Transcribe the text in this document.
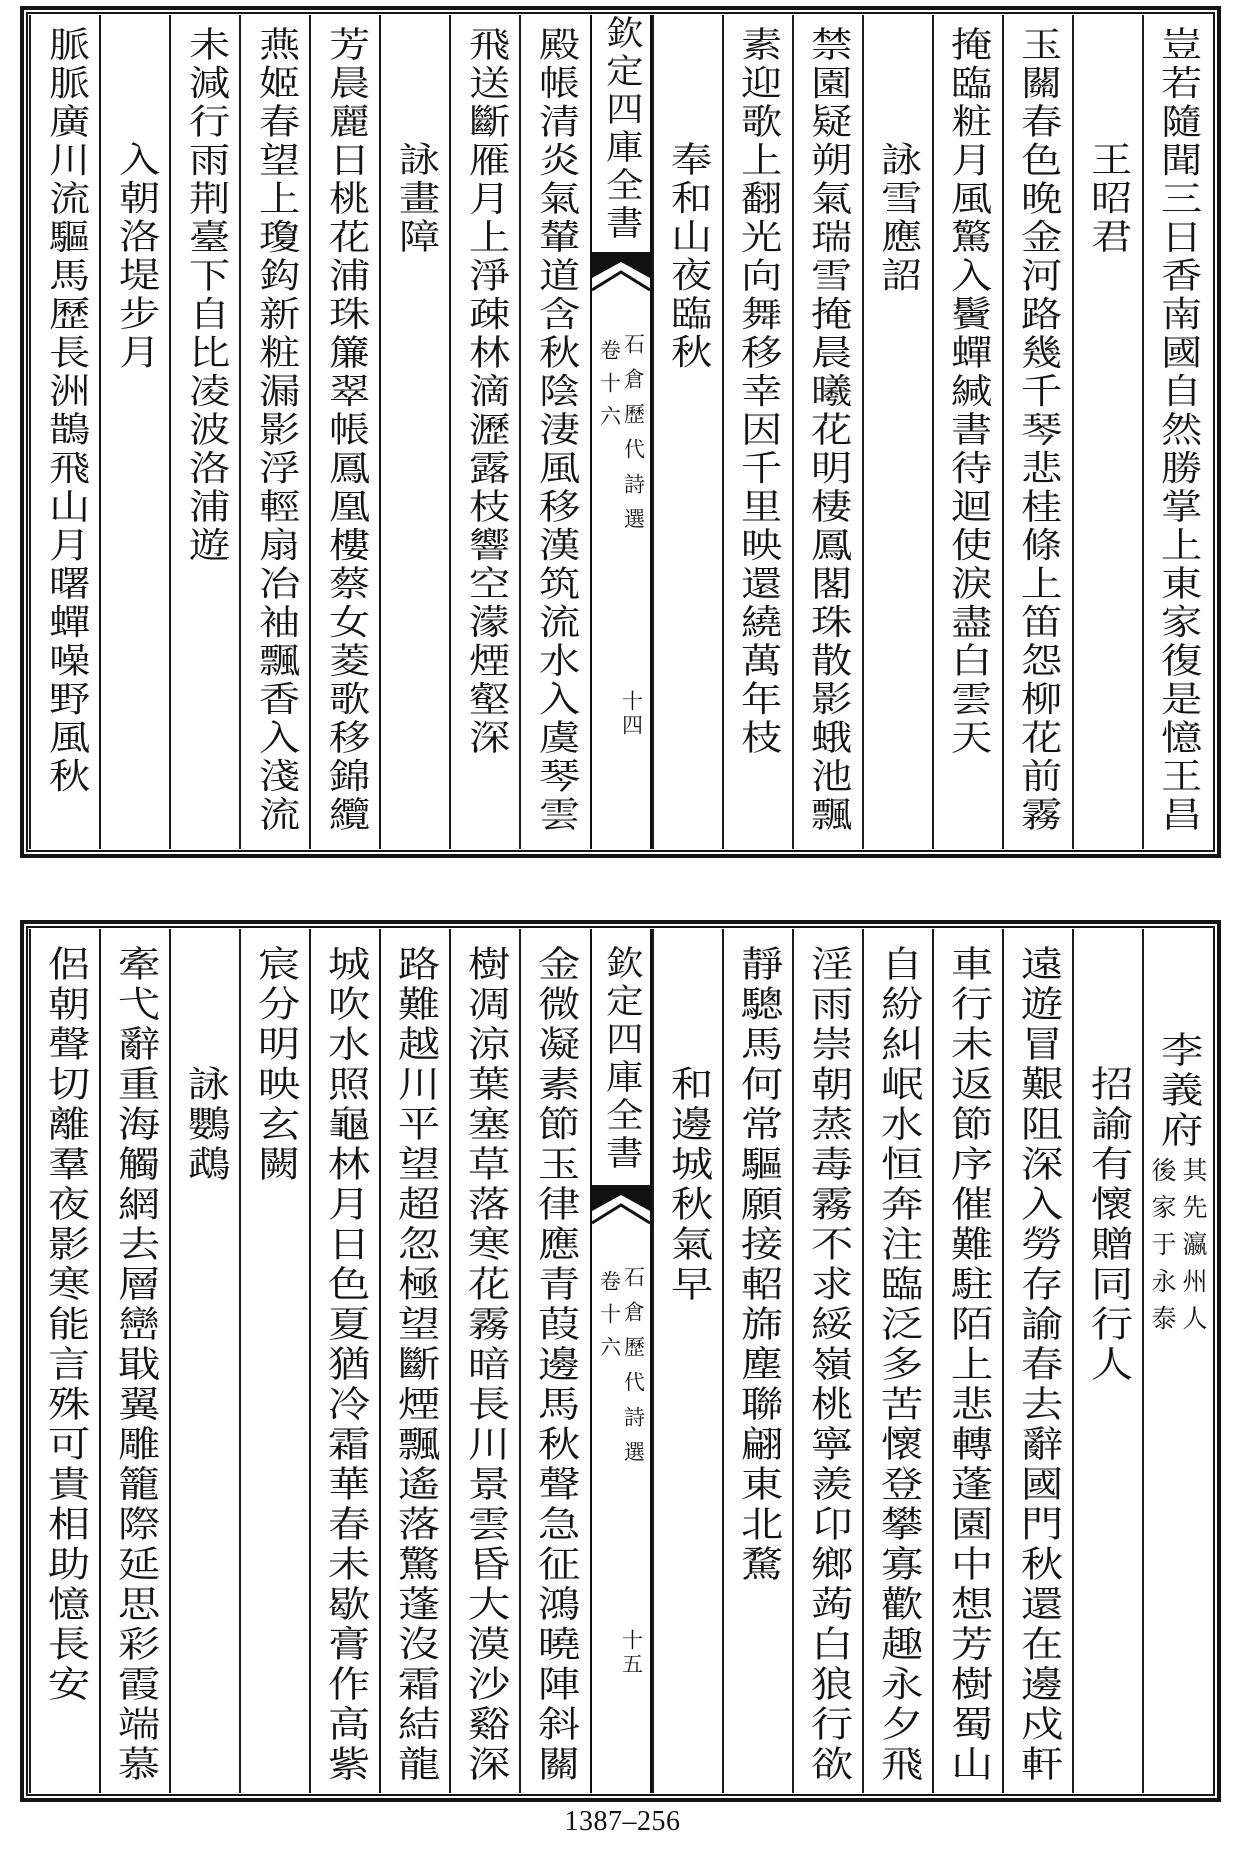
豈若隨聞三日香南國自然勝掌上東家復是憶王昌
王昭君
玉關春色晚金河路幾千琴悲桂條上笛怨柳花前霧
掩臨粧月風驚入鬢蟬緘書待迴使淚盡白雲天
詠雪應詔
禁園疑朔氣瑞雪掩晨曦花明棲鳳閣珠散影蛾池飄
素迎歌上翻光向舞移幸因千里映還繞萬年枝
奉和山夜臨秋
欽定四庫全書
石倉歷代詩選
卷十六
十四
殿帳清炎氣輦道含秋陰淒風移漢筑流水入虞琴雲
飛送斷雁月上淨疎林滴瀝露枝響空濛煙壑深
詠畫障
芳晨麗日桃花浦珠簾翠帳鳳凰樓蔡女菱歌移錦纜
燕姬春望上瓊鈎新粧漏影浮輕扇冶袖飄香入淺流
未減行雨荆臺下自比凌波洛浦遊
入朝洛堤步月
脈脈廣川流驅馬歷長洲鵲飛山月曙蟬噪野風秋
李義府
其先瀛州人
後家于永泰
招諭有懷贈同行人
遠遊冒艱阻深入勞存諭春去辭國門秋還在邊戍軒
車行未返節序催難駐陌上悲轉蓬園中想芳樹蜀山
自紛糾岷水恒奔注臨泛多苦懷登攀寡歡趣永夕飛
淫雨崇朝蒸毒霧不求綏嶺桃寧羨卬鄉蒟白狼行欲
靜驄馬何常驅願接軺旆塵聯翩東北騖
和邊城秋氣早
欽定四庫全書
石倉歷代詩選
卷十六
十五
金微凝素節玉律應青葭邊馬秋聲急征鴻曉陣斜關
樹凋涼葉塞草落寒花霧暗長川景雲昏大漠沙谿深
路難越川平望超忽極望斷煙飄遙落驚蓬沒霜結龍
城吹水照龜林月日色夏猶冷霜華春未歇膏作高紫
宸分明映玄闕
詠鸚鵡
牽弋辭重海觸網去層巒戢翼雕籠際延思彩霞端慕
侶朝聲切離羣夜影寒能言殊可貴相助憶長安
1387–256
